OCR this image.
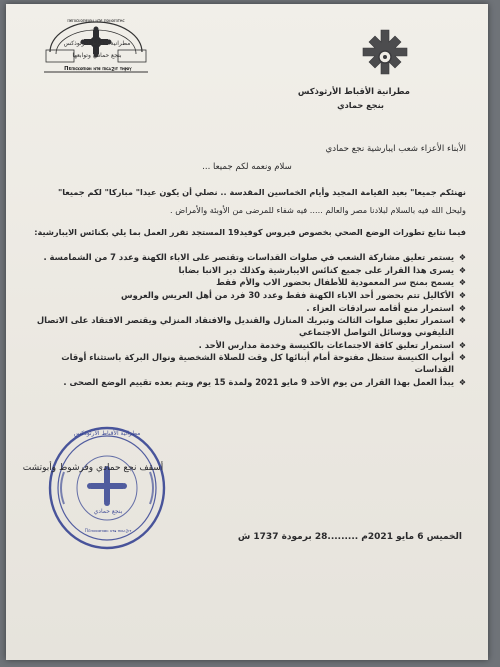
ⲡⲉⲡⲓⲥⲕⲟⲡⲉⲓⲟⲛ ⲛⲧⲉ ⲡⲟⲛⲟⲡⲓⲧⲏⲥ
مطرانية الأقباط الأرثوذكس
بنجع حمادي وتوابعها
Пεⲡⲓⲥⲕⲟⲡⲓⲟⲛ ⲛⲧⲉ ⲡⲓⲥⲁϩⲓⲧ ⲧⲏⲣⲟⲩ
مطرانية الأقباط الأرثوذكس
بنجع حمادي
الأبناء الأعزاء شعب ايبارشية نجع حمادي
سلام ونعمه لكم جميعا ...
نهنئكم جميعا" بعيد القيامة المجيد وأيام الخماسين المقدسة .. نصلي أن يكون عيدا" مباركا" لكم جميعا"
وليحل الله فيه بالسلام لبلادنا مصر والعالم ..... فيه شفاء للمرضى من الأوبئة والأمراض .
فيما نتابع تطورات الوضع الصحي بخصوص فيروس كوفيد19 المستجد تقرر العمل بما يلي بكنائس الايبارشية:
❖ يستمر تعليق مشاركة الشعب في صلوات القداسات وتقتصر على الاباء الكهنة وعدد 7 من الشمامسة .
❖ يسرى هذا القرار على جميع كنائس الايبارشية وكذلك دير الانبا بضابا
❖ يسمح بمنح سر المعمودية للأطفال بحضور الاب والأم فقط
❖ الأكاليل تتم بحضور أحد الاباء الكهنة فقط وعدد 30 فرد من أهل العريس والعروس
❖ استمرار منع أقامه سرادقات العزاء .
❖ استمرار تعليق صلوات الثالث وتبريك المنازل والقنديل والافتقاد المنزلي ويقتصر الافتقاد على الاتصال التليفوني ووسائل التواصل الاجتماعي
❖ استمرار تعليق كافة الاجتماعات بالكنيسة وخدمة مدارس الأحد .
❖ أبواب الكنيسة ستظل مفتوحة أمام أبنائها كل وقت للصلاة الشخصية ونوال البركة باستثناء أوقات القداسات
❖ يبدأ العمل بهذا القرار من يوم الأحد 9 مايو 2021 ولمدة 15 يوم ويتم بعده تقييم الوضع الصحى .
مطرانية الأقباط الأرثوذكس
بنجع حمادي
Пεⲡⲓⲥⲕⲟⲡⲓⲟⲛ ⲛⲧⲉ ⲡⲓⲥⲁϩⲓⲧ
أسقف نجع حمادي وفرشوط وأبوتشت
الخميس 6 مايو 2021م .........28 برمودة 1737 ش
